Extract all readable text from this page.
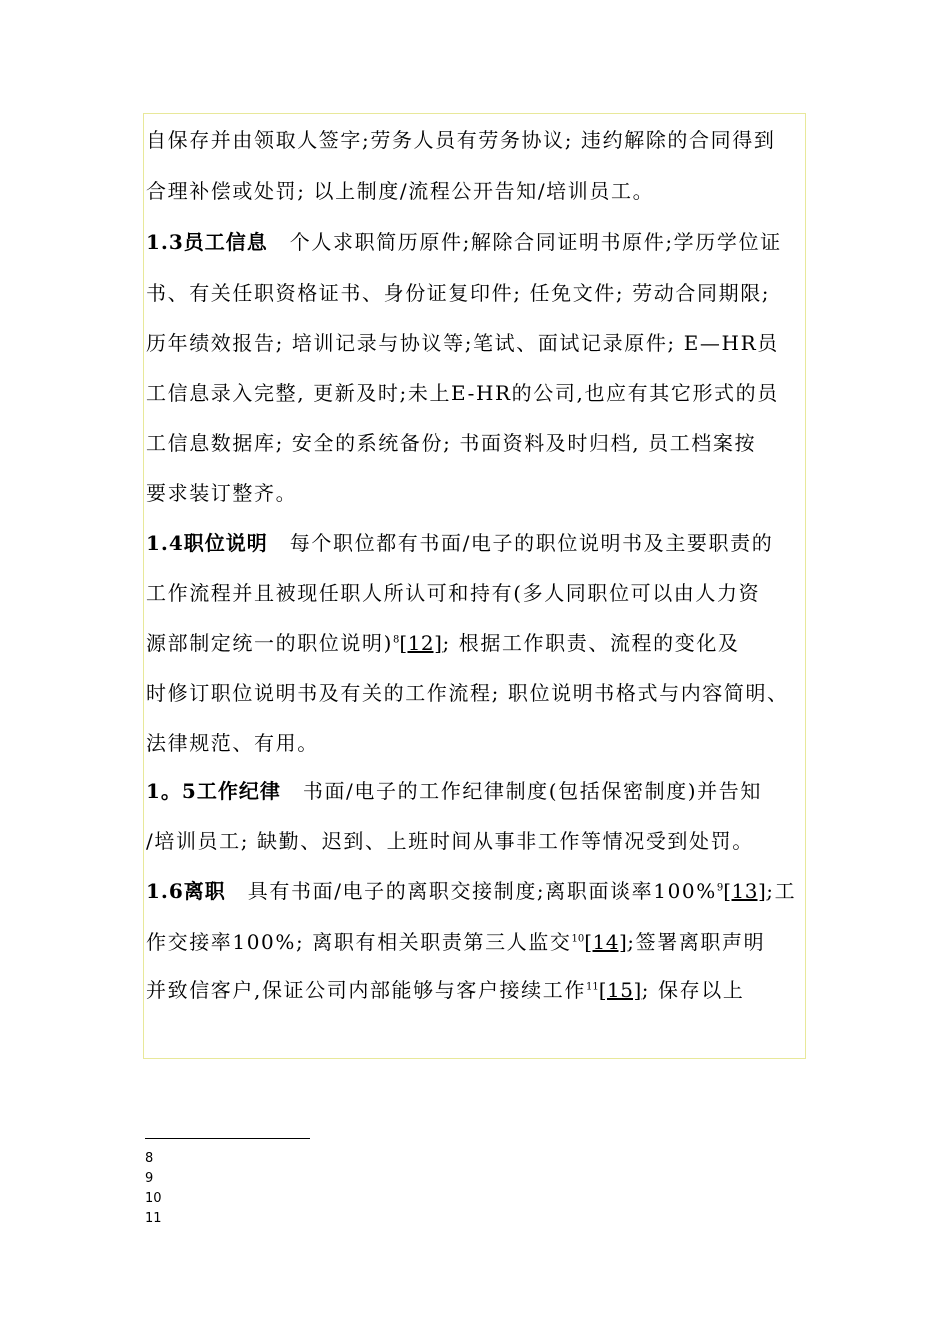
自保存并由领取人签字;劳务人员有劳务协议; 违约解除的合同得到
合理补偿或处罚; 以上制度/流程公开告知/培训员工。
1.3员工信息 个人求职简历原件;解除合同证明书原件;学历学位证
书、有关任职资格证书、身份证复印件; 任免文件; 劳动合同期限;
历年绩效报告; 培训记录与协议等;笔试、面试记录原件; E—HR员
工信息录入完整, 更新及时;未上E-HR的公司,也应有其它形式的员
工信息数据库; 安全的系统备份; 书面资料及时归档, 员工档案按
要求装订整齐。
1.4职位说明 每个职位都有书面/电子的职位说明书及主要职责的
工作流程并且被现任职人所认可和持有(多人同职位可以由人力资
源部制定统一的职位说明)$^8$[12]; 根据工作职责、流程的变化及
时修订职位说明书及有关的工作流程; 职位说明书格式与内容简明、
法律规范、有用。
1。5工作纪律 书面/电子的工作纪律制度(包括保密制度)并告知
/培训员工; 缺勤、迟到、上班时间从事非工作等情况受到处罚。
1.6离职 具有书面/电子的离职交接制度;离职面谈率100%$^9$[13];工
作交接率100%; 离职有相关职责第三人监交$^{10}$[14];签署离职声明
并致信客户,保证公司内部能够与客户接续工作$^{11}$[15]; 保存以上
8
9
10
11
